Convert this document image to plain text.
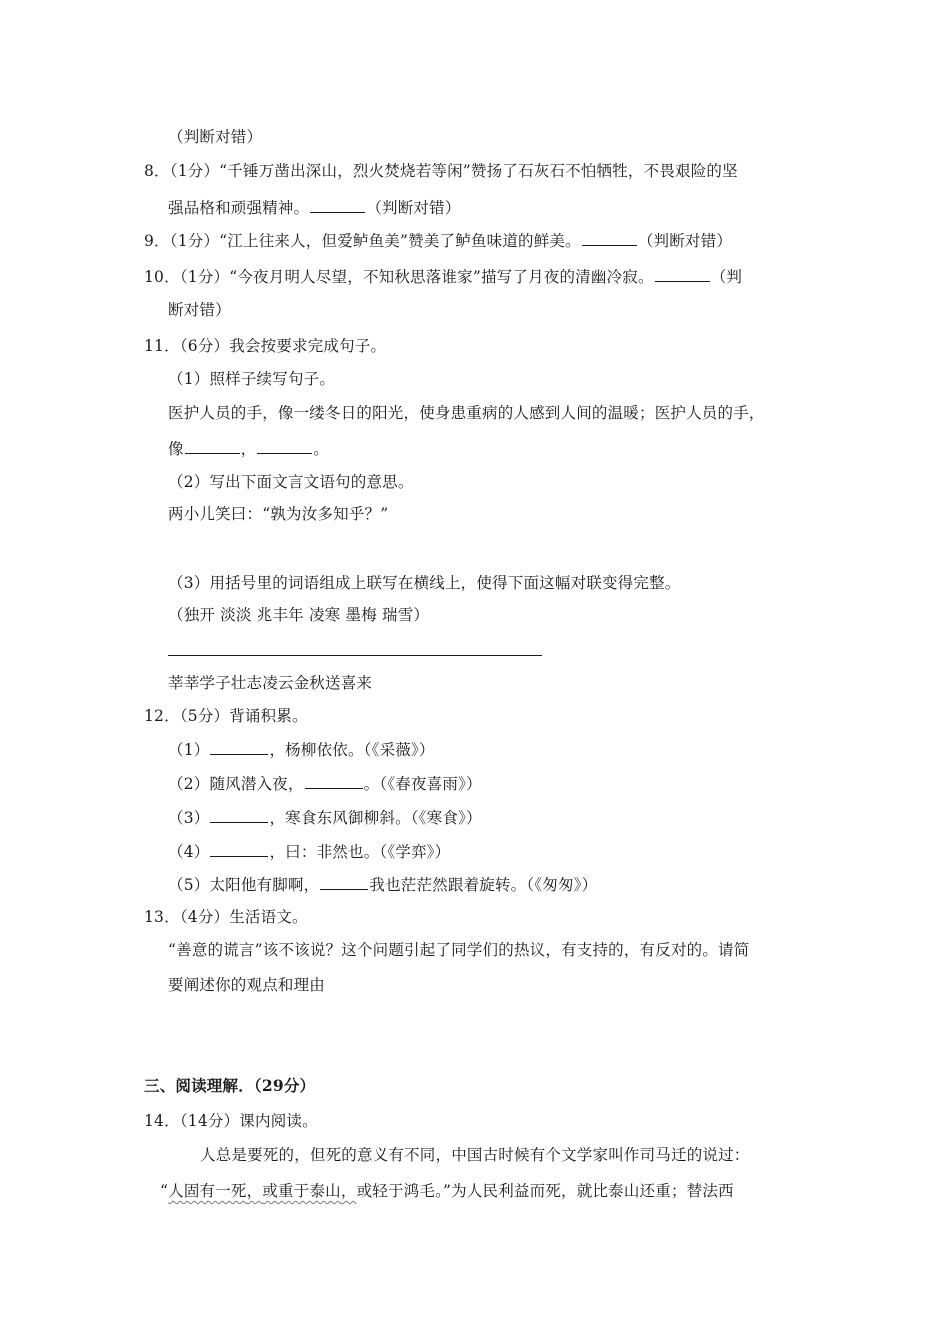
（判断对错）
8．（1分）“千锤万凿出深山，烈火焚烧若等闲”赞扬了石灰石不怕牺牲，不畏艰险的坚
强品格和顽强精神。	（判断对错）
9．（1分）“江上往来人，但爱鲈鱼美”赞美了鲈鱼味道的鲜美。	（判断对错）
10．（1分）“今夜月明人尽望，不知秋思落谁家”描写了月夜的清幽冷寂。	（判
断对错）
11．（6分）我会按要求完成句子。
（1）照样子续写句子。
医护人员的手，像一缕冬日的阳光，使身患重病的人感到人间的温暖；医护人员的手，
像	，	。
（2）写出下面文言文语句的意思。
两小儿笑曰：“孰为汝多知乎？”
（3）用括号里的词语组成上联写在横线上，使得下面这幅对联变得完整。
（独开 淡淡 兆丰年 凌寒 墨梅 瑞雪）
莘莘学子壮志凌云金秋送喜来
12．（5分）背诵积累。
（1）	，杨柳依依。（《采薇》）
（2）随风潜入夜，	。（《春夜喜雨》）
（3）	，寒食东风御柳斜。（《寒食》）
（4）	，曰：非然也。（《学弈》）
（5）太阳他有脚啊，	我也茫茫然跟着旋转。（《匆匆》）
13．（4分）生活语文。
“善意的谎言”该不该说？这个问题引起了同学们的热议，有支持的，有反对的。请简
要阐述你的观点和理由
三、阅读理解．（29分）
14．（14分）课内阅读。
人总是要死的，但死的意义有不同，中国古时候有个文学家叫作司马迁的说过：
“人固有一死，或重于泰山，或轻于鸿毛。”为人民利益而死，就比泰山还重；替法西
